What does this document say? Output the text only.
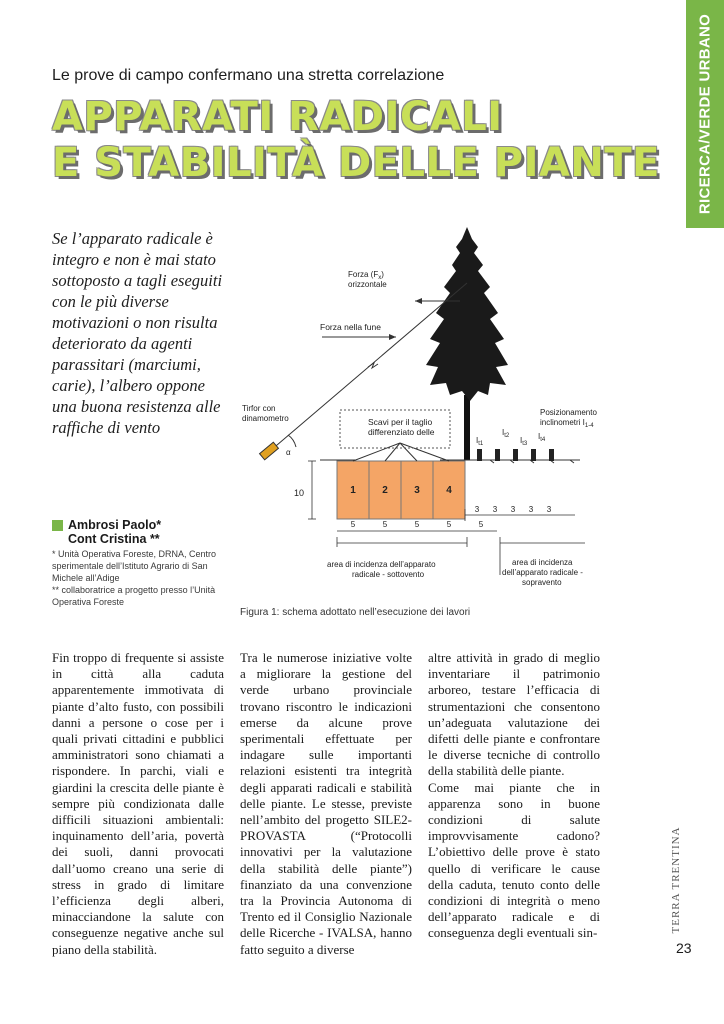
RICERCA/VERDE URBANO
Le prove di campo confermano una stretta correlazione
APPARATI RADICALI
E STABILITÀ DELLE PIANTE
Se l’apparato radicale è integro e non è mai stato sottoposto a tagli eseguiti con le più diverse motivazioni o non risulta deteriorato da agenti parassitari (marciumi, carie), l’albero oppone una buona resistenza alle raffiche di vento
Ambrosi Paolo*
Cont Cristina **

* Unità Operativa Foreste, DRNA, Centro sperimentale dell’Istituto Agrario di San Michele all’Adige

** collaboratrice a progetto presso l’Unità Operativa Foreste

1	2	3	4
$I_{t1}$
$I_{t2}$ $I_{t3}$
$I_{t4}$
10
5	5	5	5	5
3 3 3 3 3
Forza $(F_x)$
orizzontale
Forza nella fune
Tirfor con
dinamometro
α
Scavi per il taglio
differenziato delle
Posizionamento
inclinometri $I_{1-4}$
area di incidenza dell’apparato
radicale - sottovento
area di incidenza
dell’apparato radicale -
sopravento
Figura 1: schema adottato nell’esecuzione dei lavori

Fin troppo di frequente si assiste in città alla caduta apparentemente immotivata di piante d’alto fusto, con possibili danni a persone o cose per i quali privati cittadini e pubblici amministratori sono chiamati a rispondere. In parchi, viali e giardini la crescita delle piante è sempre più condizionata dalle difficili situazioni ambientali: inquinamento dell’aria, povertà dei suoli, danni provocati dall’uomo creano una serie di stress in grado di limitare l’efficienza degli alberi, minacciandone la salute con conseguenze negative anche sul piano della stabilità.

Tra le numerose iniziative volte a migliorare la gestione del verde urbano provinciale trovano riscontro le indicazioni emerse da alcune prove sperimentali effettuate per indagare sulle importanti relazioni esistenti tra integrità degli apparati radicali e stabilità delle piante. Le stesse, previste nell’ambito del progetto SILE2-PROVASTA (“Protocolli innovativi per la valutazione della stabilità delle piante”) finanziato da una convenzione tra la Provincia Autonoma di Trento ed il Consiglio Nazionale delle Ricerche - IVALSA, hanno fatto seguito a diverse

altre attività in grado di meglio inventariare il patrimonio arboreo, testare l’efficacia di strumentazioni che consentono un’adeguata valutazione dei difetti delle piante e confrontare le diverse tecniche di controllo della stabilità delle piante.

Come mai piante che in apparenza sono in buone condizioni di salute improvvisamente cadono? L’obiettivo delle prove è stato quello di verificare le cause della caduta, tenuto conto delle condizioni di integrità o meno dell’apparato radicale e di conseguenza degli eventuali sin-	TERRA TRENTINA
23
